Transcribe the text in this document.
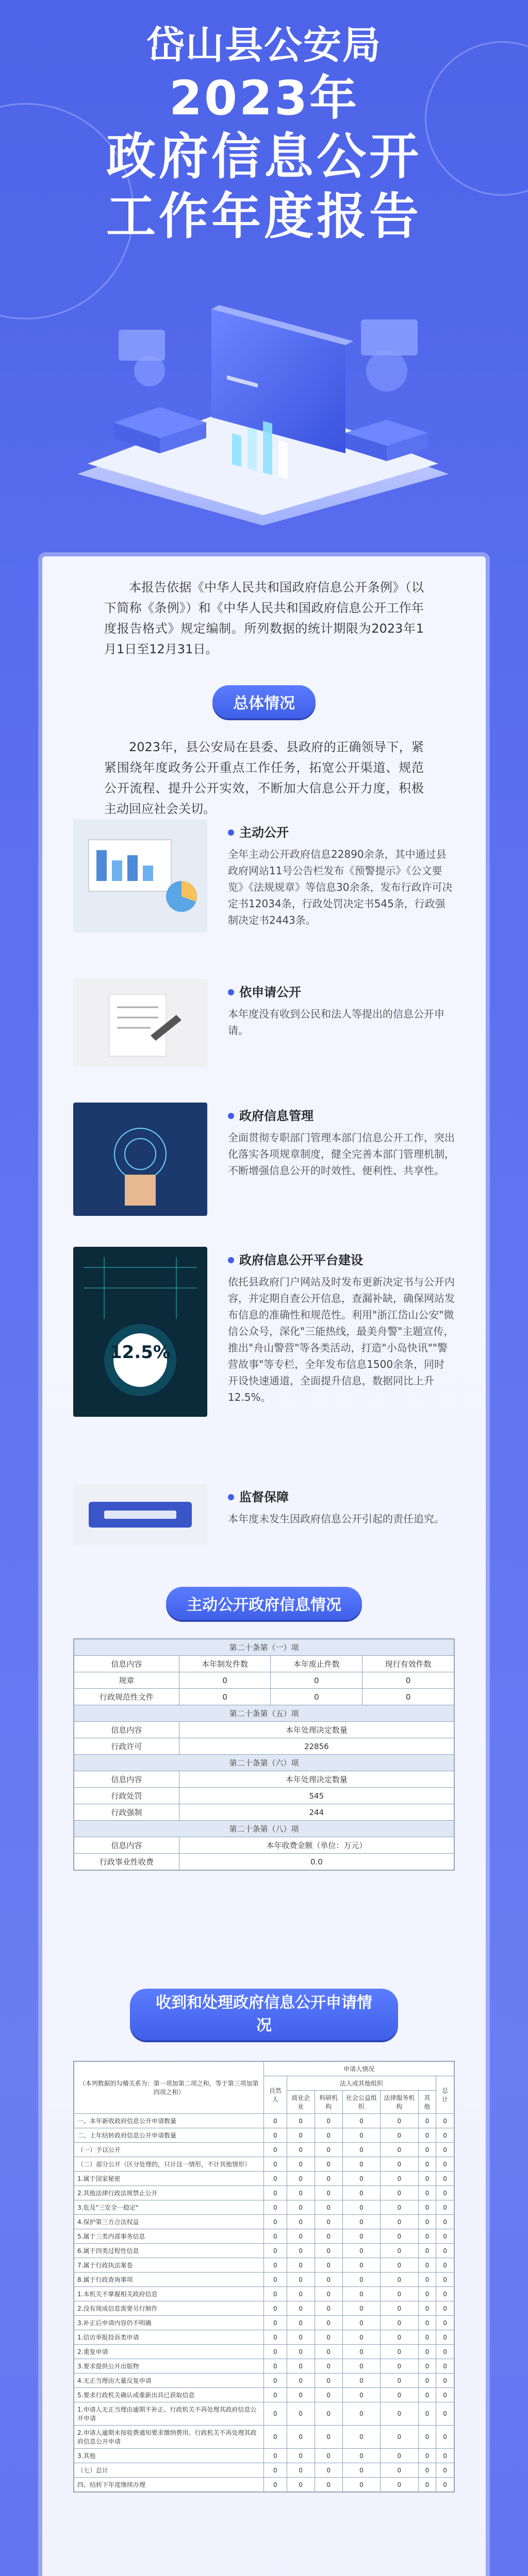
岱山县公安局
2023年
政府信息公开
工作年度报告

本报告依据《中华人民共和国政府信息公开条例》（以下简称《条例》）和《中华人民共和国政府信息公开工作年度报告格式》规定编制。所列数据的统计期限为2023年1月1日至12月31日。

总体情况

2023年，县公安局在县委、县政府的正确领导下，紧紧围绕年度政务公开重点工作任务，拓宽公开渠道、规范公开流程、提升公开实效，不断加大信息公开力度，积极主动回应社会关切。

主动公开

全年主动公开政府信息22890余条，其中通过县政府网站11号公告栏发布《预警提示》《公文要览》《法规规章》等信息30余条，发布行政许可决定书12034条，行政处罚决定书545条，行政强制决定书2443条。

依申请公开

本年度没有收到公民和法人等提出的信息公开申请。

政府信息管理

全面贯彻专职部门管理本部门信息公开工作，突出化落实各项规章制度，健全完善本部门管理机制，不断增强信息公开的时效性、便利性、共享性。

12.5%
政府信息公开平台建设

依托县政府门户网站及时发布更新决定书与公开内容，并定期自查公开信息，查漏补缺，确保网站发布信息的准确性和规范性。利用"浙江岱山公安"微信公众号，深化"三能热线，最美舟警"主题宣传，推出"舟山警营"等各类活动，打造"小岛快讯""警营故事"等专栏，全年发布信息1500余条，同时开设快速通道，全面提升信息，数据同比上升12.5%。

监督保障

本年度未发生因政府信息公开引起的责任追究。

主动公开政府信息情况
第二十条第（一）项			
信息内容	本年制发件数	本年废止件数	现行有效件数
规章	0	0	0
行政规范性文件	0	0	0
第二十条第（五）项			
信息内容	本年处理决定数量		
行政许可	22856		
第二十条第（六）项			
信息内容	本年处理决定数量		
行政处罚	545		
行政强制	244		
第二十条第（八）项			
信息内容	本年收费金额（单位：万元）		
行政事业性收费	0.0		
收到和处理政府信息公开申请情况
（本列数据的勾稽关系为：第一项加第二项之和，等于第三项加第四项之和）	申请人情况						
	自然人	法人或其他组织					总计
		商业企业	科研机构	社会公益组织	法律服务机构	其他	
一、本年新收政府信息公开申请数量	0	0	0	0	0	0	0
二、上年结转政府信息公开申请数量	0	0	0	0	0	0	0
（一）予以公开	0	0	0	0	0	0	0
（二）部分公开（区分处理的，只计这一情形，不计其他情形）	0	0	0	0	0	0	0
1.属于国家秘密	0	0	0	0	0	0	0
2.其他法律行政法规禁止公开	0	0	0	0	0	0	0
3.危及"三安全一稳定"	0	0	0	0	0	0	0
4.保护第三方合法权益	0	0	0	0	0	0	0
5.属于三类内部事务信息	0	0	0	0	0	0	0
6.属于四类过程性信息	0	0	0	0	0	0	0
7.属于行政执法案卷	0	0	0	0	0	0	0
8.属于行政查询事项	0	0	0	0	0	0	0
1.本机关不掌握相关政府信息	0	0	0	0	0	0	0
2.没有现成信息需要另行制作	0	0	0	0	0	0	0
3.补正后申请内容仍不明确	0	0	0	0	0	0	0
1.信访举报投诉类申请	0	0	0	0	0	0	0
2.重复申请	0	0	0	0	0	0	0
3.要求提供公开出版物	0	0	0	0	0	0	0
4.无正当理由大量反复申请	0	0	0	0	0	0	0
5.要求行政机关确认或重新出具已获取信息	0	0	0	0	0	0	0
1.申请人无正当理由逾期不补正、行政机关不再处理其政府信息公开申请	0	0	0	0	0	0	0
2.申请人逾期未按收费通知要求缴纳费用、行政机关不再处理其政府信息公开申请	0	0	0	0	0	0	0
3.其他	0	0	0	0	0	0	0
（七）总计	0	0	0	0	0	0	0
四、结转下年度继续办理	0	0	0	0	0	0	0
